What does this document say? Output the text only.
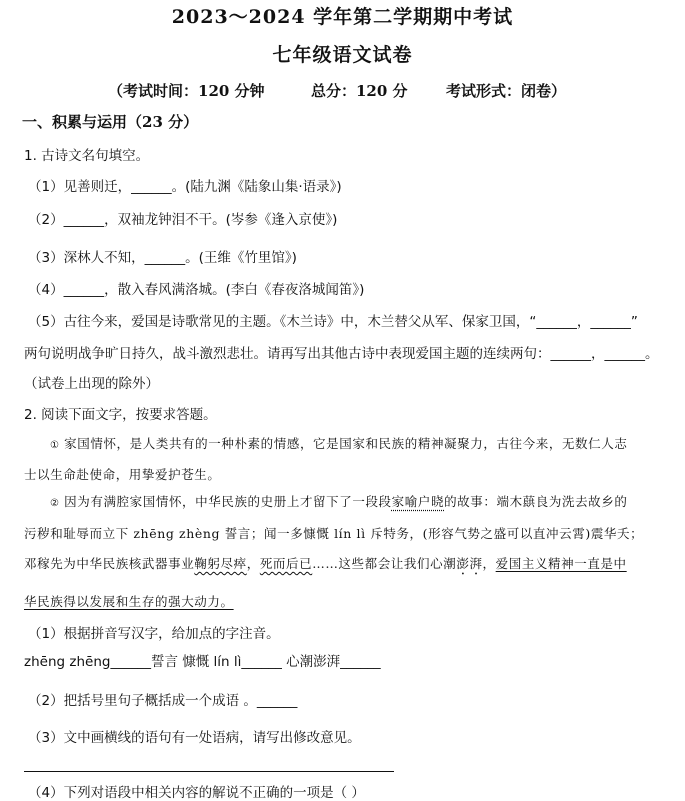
2023～2024 学年第二学期期中考试
七年级语文试卷
（考试时间：120 分钟	总分：120 分	考试形式：闭卷）
一、积累与运用（23 分）
1. 古诗文名句填空。
（1）见善则迁，______。(陆九渊《陆象山集·语录》)
（2）______，双袖龙钟泪不干。(岑参《逢入京使》)
（3）深林人不知，______。(王维《竹里馆》)
（4）______，散入春风满洛城。(李白《春夜洛城闻笛》)
（5）古往今来，爱国是诗歌常见的主题。《木兰诗》中，木兰替父从军、保家卫国，“______，______”
两句说明战争旷日持久，战斗激烈悲壮。请再写出其他古诗中表现爱国主题的连续两句：______，______。
（试卷上出现的除外）
2. 阅读下面文字，按要求答题。
① 家国情怀，是人类共有的一种朴素的情感，它是国家和民族的精神凝聚力，古往今来，无数仁人志
士以生命赴使命，用挚爱护苍生。
② 因为有满腔家国情怀，中华民族的史册上才留下了一段段家喻户晓的故事：端木蕻良为洗去故乡的
污秽和耻辱而立下 zhēng zhèng 誓言；闻一多慷慨 lín lì 斥特务，(形容气势之盛可以直冲云霄)震华夭；
邓稼先为中华民族核武器事业鞠躬尽瘁，死而后已……这些都会让我们心潮澎湃，爱国主义精神一直是中
华民族得以发展和生存的强大动力。
（1）根据拼音写汉字，给加点的字注音。
zhēng zhēng______誓言 慷慨 lín lì______ 心潮澎湃______
（2）把括号里句子概括成一个成语 。______
（3）文中画横线的语句有一处语病，请写出修改意见。
（4）下列对语段中相关内容的解说不正确的一项是（ ）
